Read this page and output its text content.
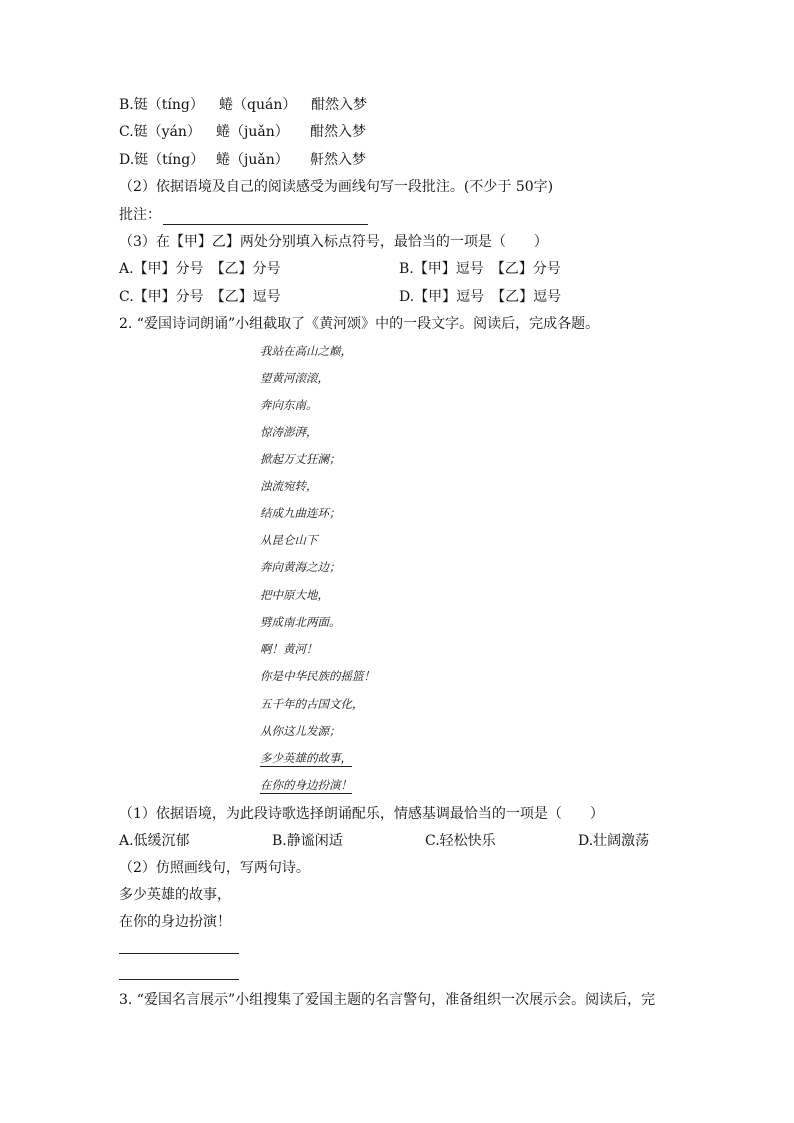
B.铤（tíng） 蜷（quán） 酣然入梦
C.铤（yán） 蜷（juǎn） 酣然入梦
D.铤（tíng） 蜷（juǎn） 鼾然入梦
（2）依据语境及自己的阅读感受为画线句写一段批注。(不少于 50字)
批注：
（3）在【甲】乙】两处分别填入标点符号，最恰当的一项是（　　）
A.【甲】分号　【乙】分号	B.【甲】逗号　【乙】分号
C.【甲】分号　【乙】逗号	D.【甲】逗号　【乙】逗号
2. “爱国诗词朗诵”小组截取了《黄河颂》中的一段文字。阅读后，完成各题。
我站在高山之巅，
望黄河滚滚，
奔向东南。
惊涛澎湃，
掀起万丈狂澜；
浊流宛转，
结成九曲连环；
从昆仑山下
奔向黄海之边；
把中原大地，
劈成南北两面。
啊！黄河！
你是中华民族的摇篮！
五千年的古国文化，
从你这儿发源；
多少英雄的故事，
在你的身边扮演！
（1）依据语境，为此段诗歌选择朗诵配乐，情感基调最恰当的一项是（　　）
A.低缓沉郁	B.静谧闲适	C.轻松快乐	D.壮阔激荡
（2）仿照画线句，写两句诗。
多少英雄的故事，
在你的身边扮演！
3. “爱国名言展示”小组搜集了爱国主题的名言警句，准备组织一次展示会。阅读后，完
